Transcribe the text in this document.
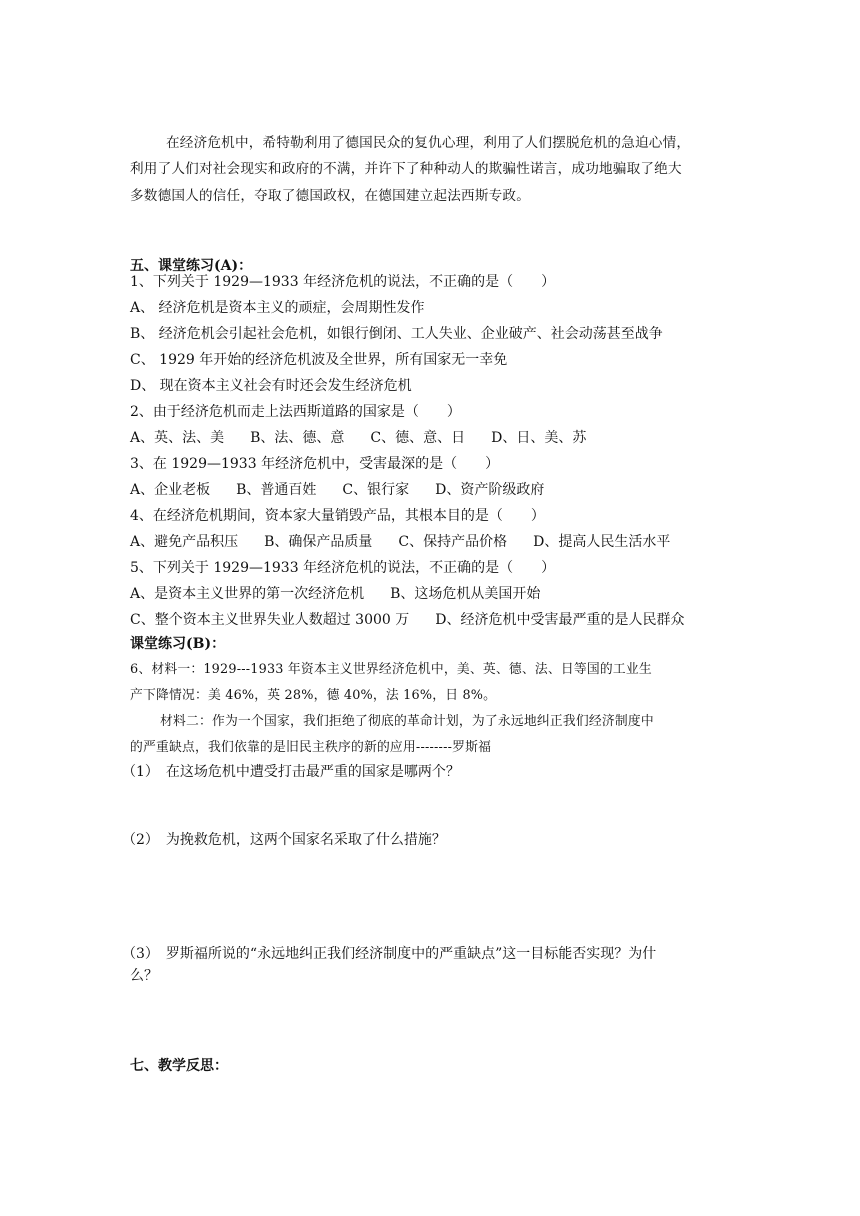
在经济危机中，希特勒利用了德国民众的复仇心理，利用了人们摆脱危机的急迫心情，
利用了人们对社会现实和政府的不满，并许下了种种动人的欺骗性诺言，成功地骗取了绝大
多数德国人的信任，夺取了德国政权，在德国建立起法西斯专政。
五、课堂练习(A)：
1、下列关于 1929—1933 年经济危机的说法，不正确的是（　　）
A、 经济危机是资本主义的顽症，会周期性发作
B、 经济危机会引起社会危机，如银行倒闭、工人失业、企业破产、社会动荡甚至战争
C、 1929 年开始的经济危机波及全世界，所有国家无一幸免
D、 现在资本主义社会有时还会发生经济危机
2、由于经济危机而走上法西斯道路的国家是（　　）
A、英、法、美 B、法、德、意 C、德、意、日 D、日、美、苏
3、在 1929—1933 年经济危机中，受害最深的是（　　）
A、企业老板 B、普通百姓 C、银行家 D、资产阶级政府
4、在经济危机期间，资本家大量销毁产品，其根本目的是（　　）
A、避免产品积压 B、确保产品质量 C、保持产品价格 D、提高人民生活水平
5、下列关于 1929—1933 年经济危机的说法，不正确的是（　　）
A、是资本主义世界的第一次经济危机 B、这场危机从美国开始
C、整个资本主义世界失业人数超过 3000 万 D、经济危机中受害最严重的是人民群众
课堂练习(B)：
6、材料一：1929---1933 年资本主义世界经济危机中，美、英、德、法、日等国的工业生
产下降情况：美 46%，英 28%，德 40%，法 16%，日 8%。
材料二：作为一个国家，我们拒绝了彻底的革命计划，为了永远地纠正我们经济制度中
的严重缺点，我们依靠的是旧民主秩序的新的应用--------罗斯福
（1）　在这场危机中遭受打击最严重的国家是哪两个？
（2）　为挽救危机，这两个国家名采取了什么措施？
（3）　罗斯福所说的“永远地纠正我们经济制度中的严重缺点”这一目标能否实现？为什
么？
七、教学反思：
